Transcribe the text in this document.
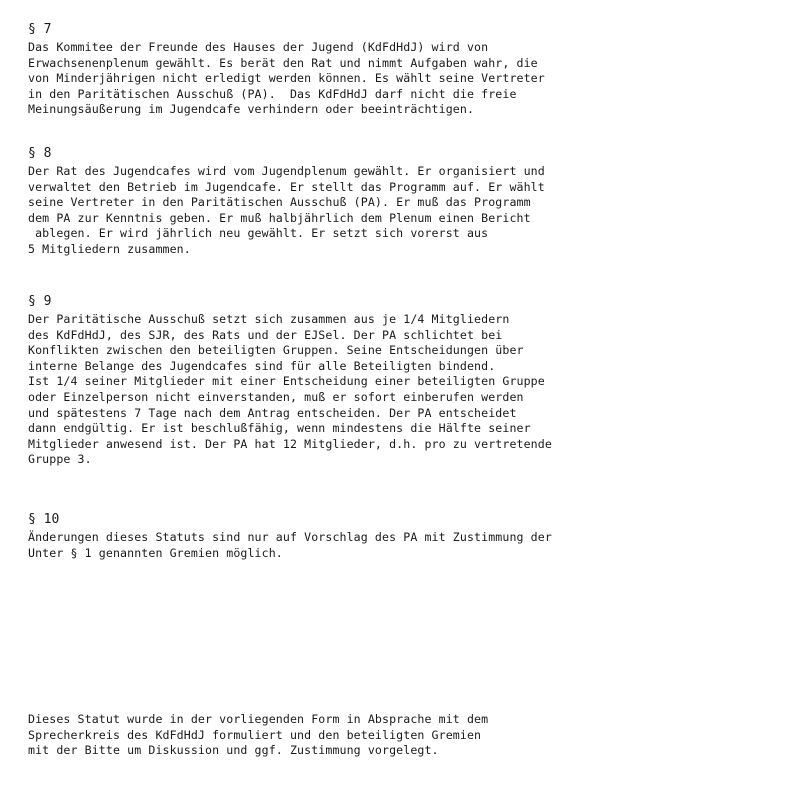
§ 7
Das Kommitee der Freunde des Hauses der Jugend (KdFdHdJ) wird von
Erwachsenenplenum gewählt. Es berät den Rat und nimmt Aufgaben wahr, die
von Minderjährigen nicht erledigt werden können. Es wählt seine Vertreter
in den Paritätischen Ausschuß (PA).  Das KdFdHdJ darf nicht die freie
Meinungsäußerung im Jugendcafe verhindern oder beeinträchtigen.
§ 8
Der Rat des Jugendcafes wird vom Jugendplenum gewählt. Er organisiert und
verwaltet den Betrieb im Jugendcafe. Er stellt das Programm auf. Er wählt
seine Vertreter in den Paritätischen Ausschuß (PA). Er muß das Programm
dem PA zur Kenntnis geben. Er muß halbjährlich dem Plenum einen Bericht
ablegen. Er wird jährlich neu gewählt. Er setzt sich vorerst aus
5 Mitgliedern zusammen.
§ 9
Der Paritätische Ausschuß setzt sich zusammen aus je 1/4 Mitgliedern
des KdFdHdJ, des SJR, des Rats und der EJSel. Der PA schlichtet bei
Konflikten zwischen den beteiligten Gruppen. Seine Entscheidungen über
interne Belange des Jugendcafes sind für alle Beteiligten bindend.
Ist 1/4 seiner Mitglieder mit einer Entscheidung einer beteiligten Gruppe
oder Einzelperson nicht einverstanden, muß er sofort einberufen werden
und spätestens 7 Tage nach dem Antrag entscheiden. Der PA entscheidet
dann endgültig. Er ist beschlußfähig, wenn mindestens die Hälfte seiner
Mitglieder anwesend ist. Der PA hat 12 Mitglieder, d.h. pro zu vertretende
Gruppe 3.
§ 10
Änderungen dieses Statuts sind nur auf Vorschlag des PA mit Zustimmung der
Unter § 1 genannten Gremien möglich.
Dieses Statut wurde in der vorliegenden Form in Absprache mit dem
Sprecherkreis des KdFdHdJ formuliert und den beteiligten Gremien
mit der Bitte um Diskussion und ggf. Zustimmung vorgelegt.
